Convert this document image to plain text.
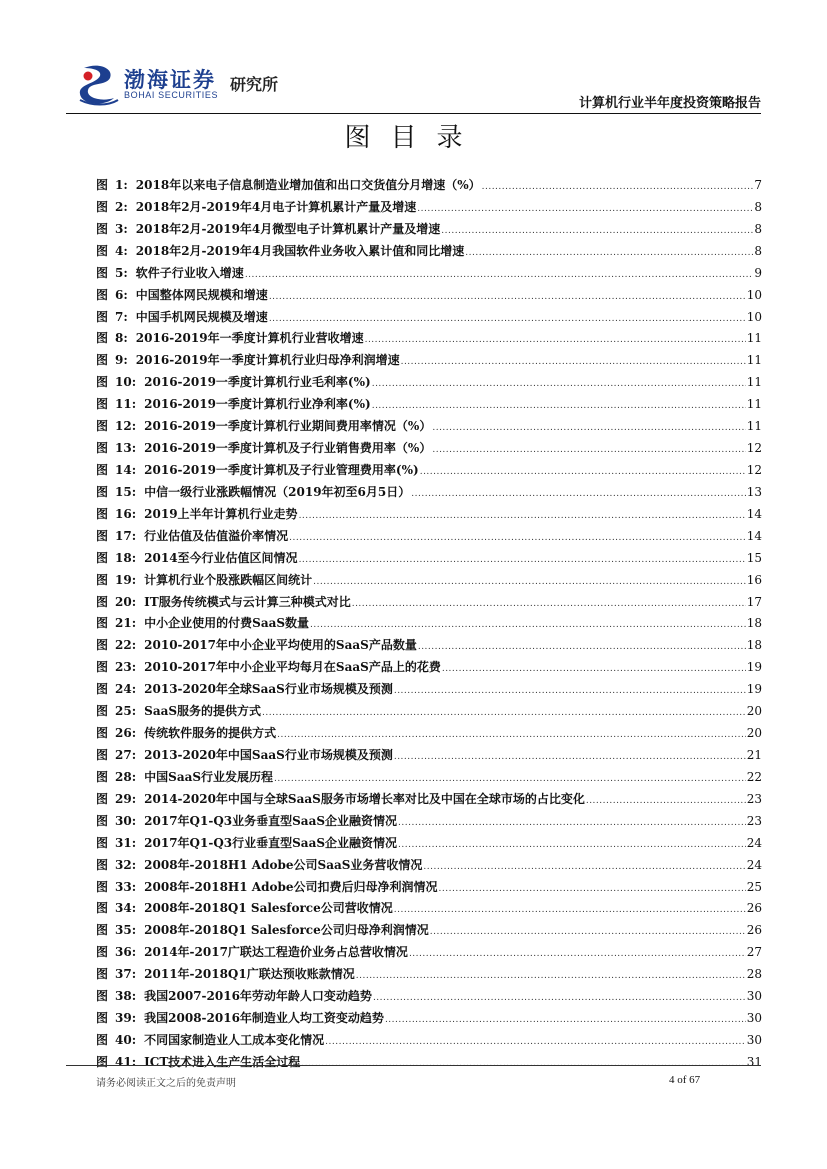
渤海证券
BOHAI SECURITIES
研究所
计算机行业半年度投资策略报告
图目录
图 1: 2018年以来电子信息制造业增加值和出口交货值分月增速（%） .....	7
图 2: 2018年2月-2019年4月电子计算机累计产量及增速 .....	8
图 3: 2018年2月-2019年4月微型电子计算机累计产量及增速 .....	8
图 4: 2018年2月-2019年4月我国软件业务收入累计值和同比增速 .....	8
图 5: 软件子行业收入增速 .....	9
图 6: 中国整体网民规模和增速 .....	10
图 7: 中国手机网民规模及增速 .....	10
图 8: 2016-2019年一季度计算机行业营收增速 .....	11
图 9: 2016-2019年一季度计算机行业归母净利润增速 .....	11
图 10: 2016-2019一季度计算机行业毛利率(%) .....	11
图 11: 2016-2019一季度计算机行业净利率(%) .....	11
图 12: 2016-2019一季度计算机行业期间费用率情况（%） .....	11
图 13: 2016-2019一季度计算机及子行业销售费用率（%） .....	12
图 14: 2016-2019一季度计算机及子行业管理费用率(%) .....	12
图 15: 中信一级行业涨跌幅情况（2019年初至6月5日） .....	13
图 16: 2019上半年计算机行业走势 .....	14
图 17: 行业估值及估值溢价率情况 .....	14
图 18: 2014至今行业估值区间情况 .....	15
图 19: 计算机行业个股涨跌幅区间统计 .....	16
图 20: IT服务传统模式与云计算三种模式对比 .....	17
图 21: 中小企业使用的付费SaaS数量 .....	18
图 22: 2010-2017年中小企业平均使用的SaaS产品数量 .....	18
图 23: 2010-2017年中小企业平均每月在SaaS产品上的花费 .....	19
图 24: 2013-2020年全球SaaS行业市场规模及预测 .....	19
图 25: SaaS服务的提供方式 .....	20
图 26: 传统软件服务的提供方式 .....	20
图 27: 2013-2020年中国SaaS行业市场规模及预测 .....	21
图 28: 中国SaaS行业发展历程 .....	22
图 29: 2014-2020年中国与全球SaaS服务市场增长率对比及中国在全球市场的占比变化 .....	23
图 30: 2017年Q1-Q3业务垂直型SaaS企业融资情况 .....	23
图 31: 2017年Q1-Q3行业垂直型SaaS企业融资情况 .....	24
图 32: 2008年-2018H1 Adobe公司SaaS业务营收情况 .....	24
图 33: 2008年-2018H1 Adobe公司扣费后归母净利润情况 .....	25
图 34: 2008年-2018Q1 Salesforce公司营收情况 .....	26
图 35: 2008年-2018Q1 Salesforce公司归母净利润情况 .....	26
图 36: 2014年-2017广联达工程造价业务占总营收情况 .....	27
图 37: 2011年-2018Q1广联达预收账款情况 .....	28
图 38: 我国2007-2016年劳动年龄人口变动趋势 .....	30
图 39: 我国2008-2016年制造业人均工资变动趋势 .....	30
图 40: 不同国家制造业人工成本变化情况 .....	30
图 41: ICT技术进入生产生活全过程 .....	31
请务必阅读正文之后的免责声明	4 of 67
